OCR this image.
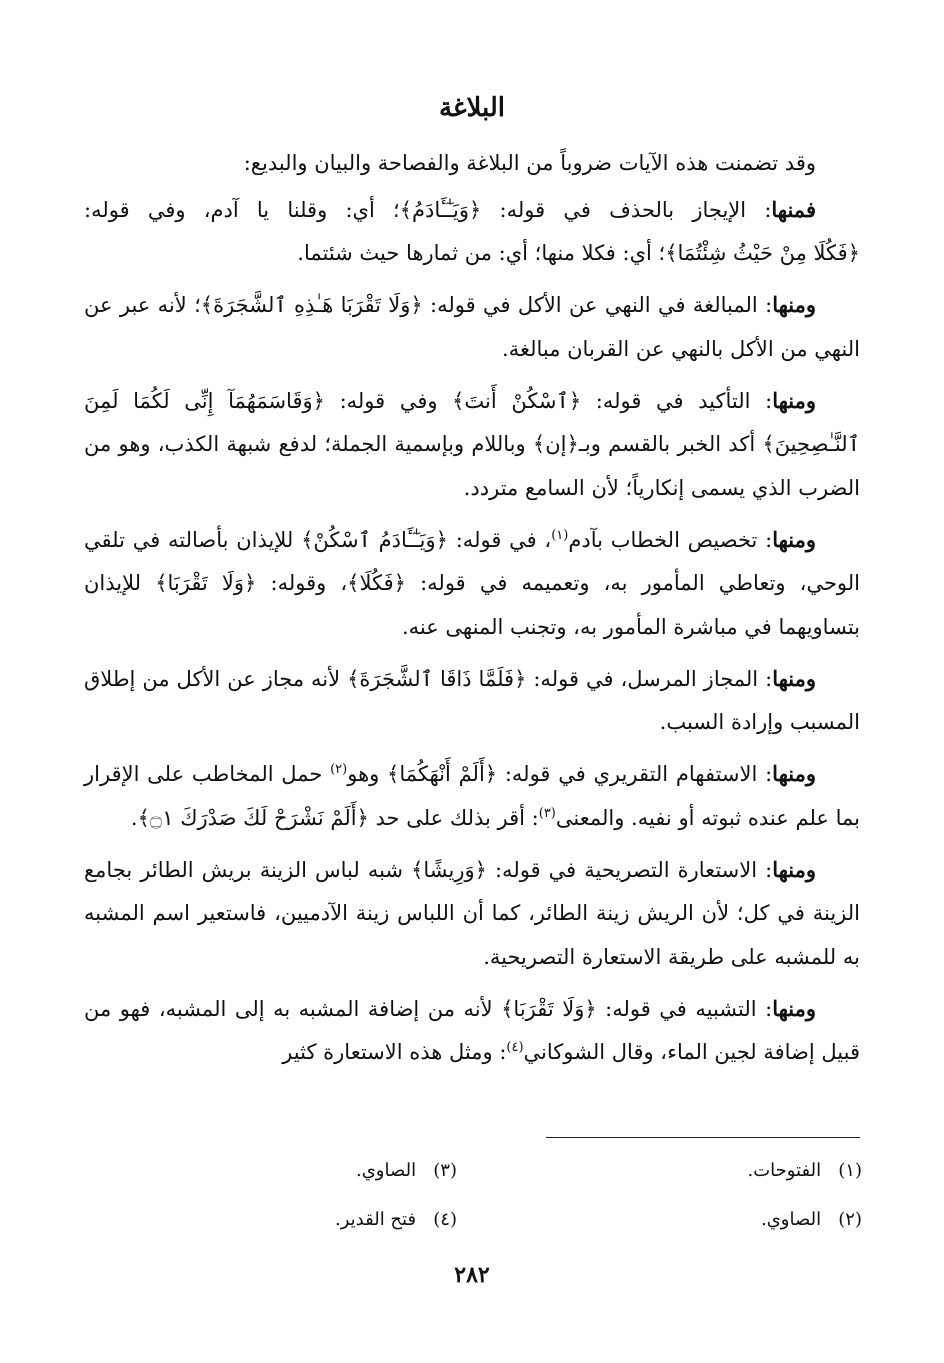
البلاغة

وقد تضمنت هذه الآيات ضروباً من البلاغة والفصاحة والبيان والبديع:

فمنها: الإيجاز بالحذف في قوله: ﴿وَيَـٰٓـَٔادَمُ﴾؛ أي: وقلنا يا آدم، وفي قوله: ﴿فَكُلَا مِنْ حَيْثُ شِئْتُمَا﴾؛ أي: فكلا منها؛ أي: من ثمارها حيث شئتما.

ومنها: المبالغة في النهي عن الأكل في قوله: ﴿وَلَا تَقْرَبَا هَـٰذِهِ ٱلشَّجَرَةَ﴾؛ لأنه عبر عن النهي من الأكل بالنهي عن القربان مبالغة.

ومنها: التأكيد في قوله: ﴿ٱسْكُنْ أَنتَ﴾ وفي قوله: ﴿وَقَاسَمَهُمَآ إِنِّى لَكُمَا لَمِنَ ٱلنَّـٰصِحِينَ﴾ أكد الخبر بالقسم وبـ﴿إن﴾ وباللام وبإسمية الجملة؛ لدفع شبهة الكذب، وهو من الضرب الذي يسمى إنكارياً؛ لأن السامع متردد.

ومنها: تخصيص الخطاب بآدم$^{(١)}$، في قوله: ﴿وَيَـٰٓـَٔادَمُ ٱسْكُنْ﴾ للإيذان بأصالته في تلقي الوحي، وتعاطي المأمور به، وتعميمه في قوله: ﴿فَكُلَا﴾، وقوله: ﴿وَلَا تَقْرَبَا﴾ للإيذان بتساويهما في مباشرة المأمور به، وتجنب المنهى عنه.

ومنها: المجاز المرسل، في قوله: ﴿فَلَمَّا ذَاقَا ٱلشَّجَرَةَ﴾ لأنه مجاز عن الأكل من إطلاق المسبب وإرادة السبب.

ومنها: الاستفهام التقريري في قوله: ﴿أَلَمْ أَنْهَكُمَا﴾ وهو$^{(٢)}$ حمل المخاطب على الإقرار بما علم عنده ثبوته أو نفيه. والمعنى$^{(٣)}$: أقر بذلك على حد ﴿أَلَمْ نَشْرَحْ لَكَ صَدْرَكَ ۝١﴾.

ومنها: الاستعارة التصريحية في قوله: ﴿وَرِيشًا﴾ شبه لباس الزينة بريش الطائر بجامع الزينة في كل؛ لأن الريش زينة الطائر، كما أن اللباس زينة الآدميين، فاستعير اسم المشبه به للمشبه على طريقة الاستعارة التصريحية.

ومنها: التشبيه في قوله: ﴿وَلَا تَقْرَبَا﴾ لأنه من إضافة المشبه به إلى المشبه، فهو من قبيل إضافة لجين الماء، وقال الشوكاني$^{(٤)}$: ومثل هذه الاستعارة كثير

(١)   الفتوحات.
(٢)   الصاوي.
(٣)   الصاوي.
(٤)   فتح القدير.
٢٨٢
